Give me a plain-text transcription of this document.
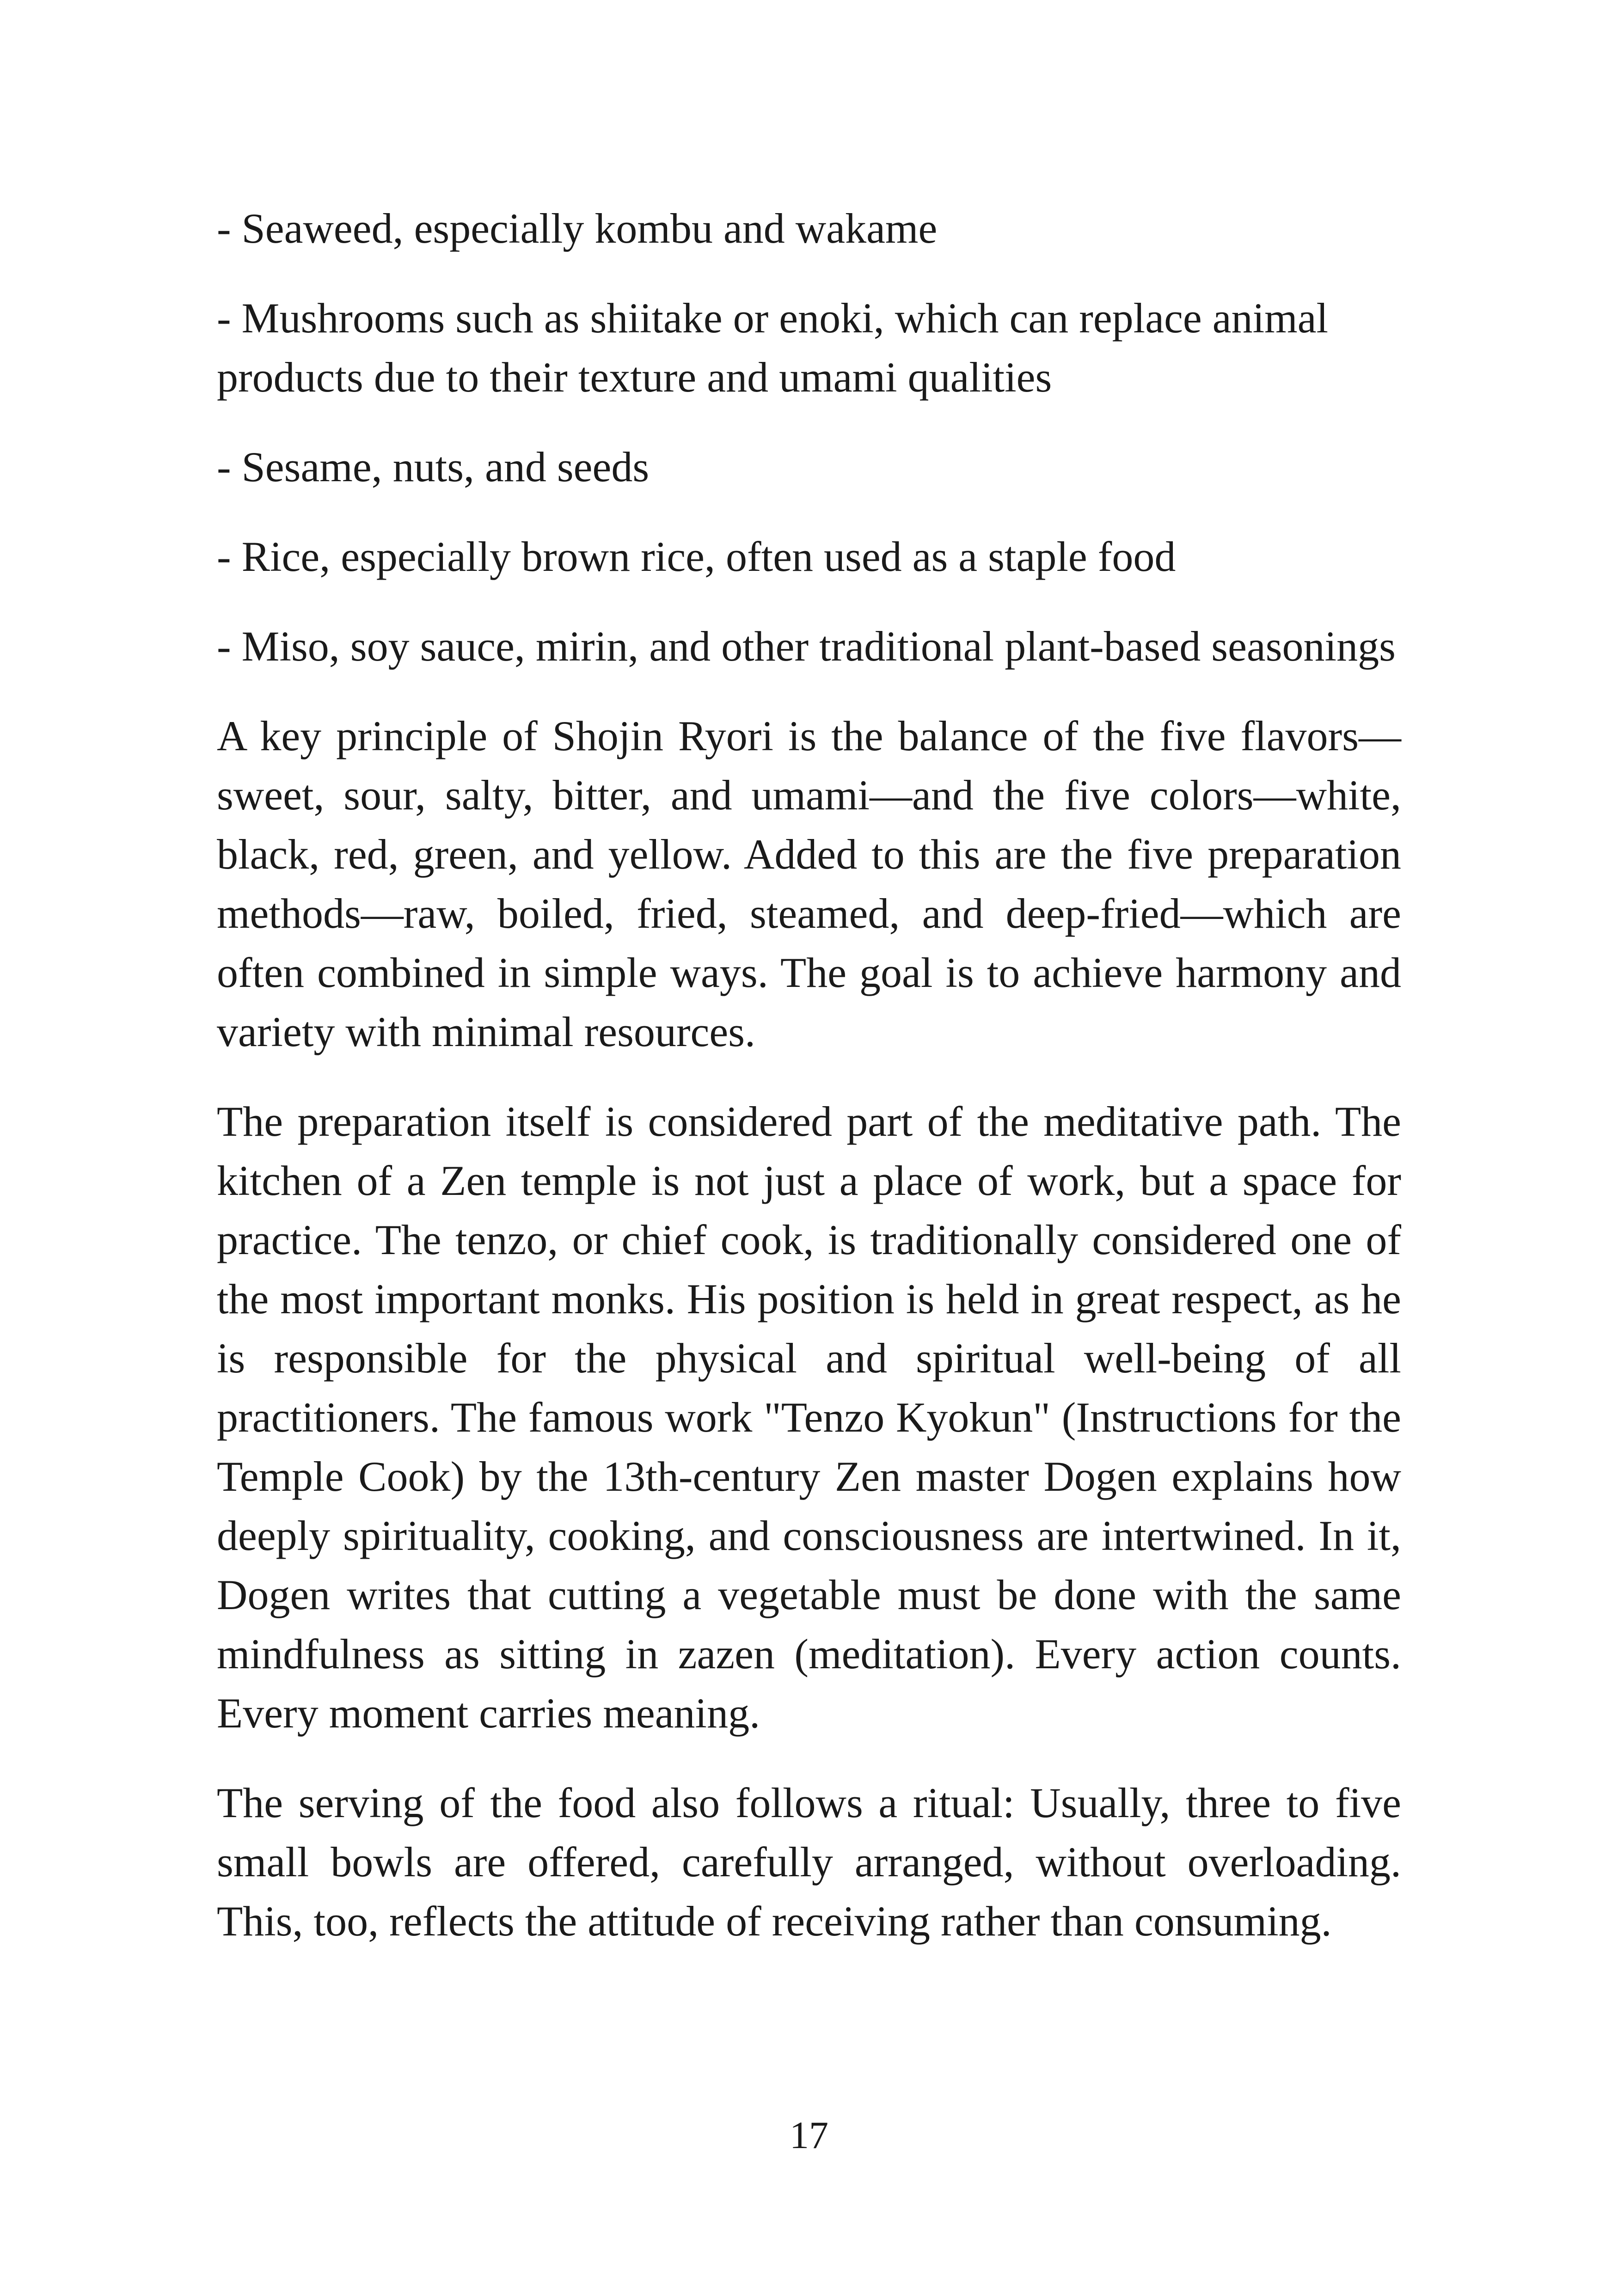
- Seaweed, especially kombu and wakame

- Mushrooms such as shiitake or enoki, which can replace animal products due to their texture and umami qualities

- Sesame, nuts, and seeds

- Rice, especially brown rice, often used as a staple food

- Miso, soy sauce, mirin, and other traditional plant-based seasonings

A key principle of Shojin Ryori is the balance of the five flavors—sweet, sour, salty, bitter, and umami—and the five colors—white, black, red, green, and yellow. Added to this are the five preparation methods—raw, boiled, fried, steamed, and deep-fried—which are often combined in simple ways. The goal is to achieve harmony and variety with minimal resources.

The preparation itself is considered part of the meditative path. The kitchen of a Zen temple is not just a place of work, but a space for practice. The tenzo, or chief cook, is traditionally considered one of the most important monks. His position is held in great respect, as he is responsible for the physical and spiritual well-being of all practitioners. The famous work "Tenzo Kyokun" (Instructions for the Temple Cook) by the 13th-century Zen master Dogen explains how deeply spirituality, cooking, and consciousness are intertwined. In it, Dogen writes that cutting a vegetable must be done with the same mindfulness as sitting in zazen (meditation). Every action counts. Every moment carries meaning.

The serving of the food also follows a ritual: Usually, three to five small bowls are offered, carefully arranged, without overloading. This, too, reflects the attitude of receiving rather than consuming.

17
